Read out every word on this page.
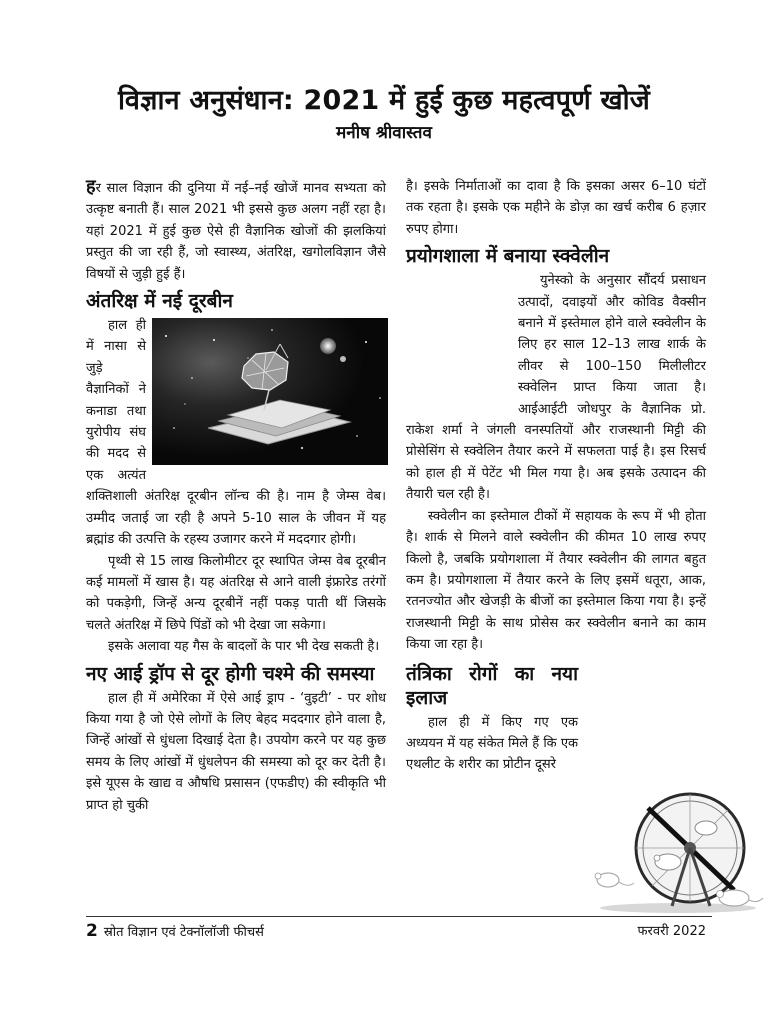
विज्ञान अनुसंधान: 2021 में हुई कुछ महत्वपूर्ण खोजें
मनीष श्रीवास्तव

हर साल विज्ञान की दुनिया में नई–नई खोजें मानव सभ्यता को उत्कृष्ट बनाती हैं। साल 2021 भी इससे कुछ अलग नहीं रहा है। यहां 2021 में हुई कुछ ऐसे ही वैज्ञानिक खोजों की झलकियां प्रस्तुत की जा रही हैं, जो स्वास्थ्य, अंतरिक्ष, खगोलविज्ञान जैसे विषयों से जुड़ी हुई हैं।

अंतरिक्ष में नई दूरबीन

हाल ही में नासा से जुड़े वैज्ञानिकों ने कनाडा तथा युरोपीय संघ की मदद से एक अत्यंत शक्तिशाली अंतरिक्ष दूरबीन लॉन्च की है। नाम है जेम्स वेब। उम्मीद जताई जा रही है अपने 5-10 साल के जीवन में यह ब्रह्मांड की उत्पत्ति के रहस्य उजागर करने में मददगार होगी।

पृथ्वी से 15 लाख किलोमीटर दूर स्थापित जेम्स वेब दूरबीन कई मामलों में खास है। यह अंतरिक्ष से आने वाली इंफ्रारेड तरंगों को पकड़ेगी, जिन्हें अन्य दूरबीनें नहीं पकड़ पाती थीं जिसके चलते अंतरिक्ष में छिपे पिंडों को भी देखा जा सकेगा।

इसके अलावा यह गैस के बादलों के पार भी देख सकती है।

नए आई ड्रॉप से दूर होगी चश्मे की समस्या

हाल ही में अमेरिका में ऐसे आई ड्राप - ‘वुइटी’ - पर शोध किया गया है जो ऐसे लोगों के लिए बेहद मददगार होने वाला है, जिन्हें आंखों से धुंधला दिखाई देता है। उपयोग करने पर यह कुछ समय के लिए आंखों में धुंधलेपन की समस्या को दूर कर देती है। इसे यूएस के खाद्य व औषधि प्रसासन (एफडीए) की स्वीकृति भी प्राप्त हो चुकी

है। इसके निर्माताओं का दावा है कि इसका असर 6–10 घंटों तक रहता है। इसके एक महीने के डोज़ का खर्च करीब 6 हज़ार रुपए होगा।

प्रयोगशाला में बनाया स्क्वेलीन

युनेस्को के अनुसार सौंदर्य प्रसाधन उत्पादों, दवाइयों और कोविड वैक्सीन बनाने में इस्तेमाल होने वाले स्क्वेलीन के लिए हर साल 12–13 लाख शार्क के लीवर से 100–150 मिलीलीटर स्क्वेलिन प्राप्त किया जाता है। आईआईटी जोधपुर के वैज्ञानिक प्रो. राकेश शर्मा ने जंगली वनस्पतियों और राजस्थानी मिट्टी की प्रोसेसिंग से स्क्वेलिन तैयार करने में सफलता पाई है। इस रिसर्च को हाल ही में पेटेंट भी मिल गया है। अब इसके उत्पादन की तैयारी चल रही है।

स्क्वेलीन का इस्तेमाल टीकों में सहायक के रूप में भी होता है। शार्क से मिलने वाले स्क्वेलीन की कीमत 10 लाख रुपए किलो है, जबकि प्रयोगशाला में तैयार स्क्वेलीन की लागत बहुत कम है। प्रयोगशाला में तैयार करने के लिए इसमें धतूरा, आक, रतनज्योत और खेजड़ी के बीजों का इस्तेमाल किया गया है। इन्हें राजस्थानी मिट्टी के साथ प्रोसेस कर स्क्वेलीन बनाने का काम किया जा रहा है।

तंत्रिका रोगों का नया इलाज

हाल ही में किए गए एक अध्ययन में यह संकेत मिले हैं कि एक एथलीट के शरीर का प्रोटीन दूसरे

2 स्रोत विज्ञान एवं टेक्नॉलॉजी फीचर्स	फरवरी 2022
